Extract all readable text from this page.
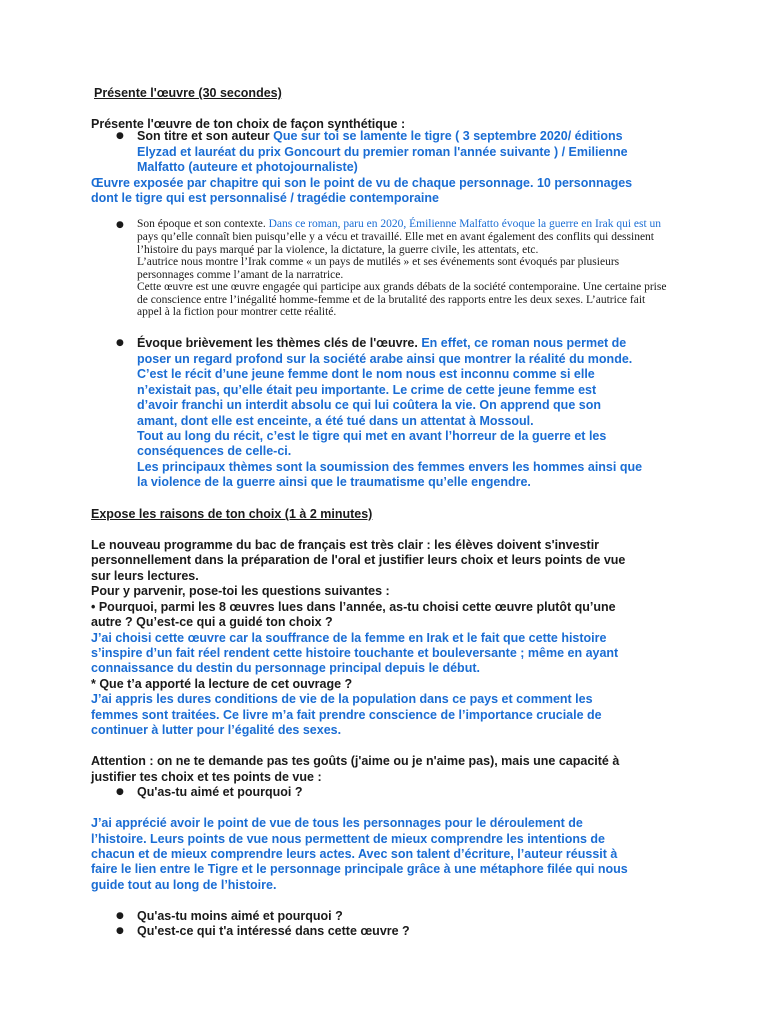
Présente l'œuvre (30 secondes)

Présente l'œuvre de ton choix de façon synthétique :

● Son titre et son auteur Que sur toi se lamente le tigre ( 3 septembre 2020/ éditions

Elyzad et lauréat du prix Goncourt du premier roman l'année suivante ) / Emilienne

Malfatto (auteure et photojournaliste)

Œuvre exposée par chapitre qui son le point de vu de chaque personnage. 10 personnages

dont le tigre qui est personnalisé / tragédie contemporaine

● Son époque et son contexte. Dans ce roman, paru en 2020, Émilienne Malfatto évoque la guerre en Irak qui est un

pays qu’elle connaît bien puisqu’elle y a vécu et travaillé. Elle met en avant également des conflits qui dessinent

l’histoire du pays marqué par la violence, la dictature, la guerre civile, les attentats, etc.

L’autrice nous montre l’Irak comme « un pays de mutilés » et ses événements sont évoqués par plusieurs

personnages comme l’amant de la narratrice.

Cette œuvre est une œuvre engagée qui participe aux grands débats de la société contemporaine. Une certaine prise

de conscience entre l’inégalité homme-femme et de la brutalité des rapports entre les deux sexes. L’autrice fait

appel à la fiction pour montrer cette réalité.

● Évoque brièvement les thèmes clés de l'œuvre. En effet, ce roman nous permet de

poser un regard profond sur la société arabe ainsi que montrer la réalité du monde.

C’est le récit d’une jeune femme dont le nom nous est inconnu comme si elle

n’existait pas, qu’elle était peu importante. Le crime de cette jeune femme est

d’avoir franchi un interdit absolu ce qui lui coûtera la vie. On apprend que son

amant, dont elle est enceinte, a été tué dans un attentat à Mossoul.

Tout au long du récit, c’est le tigre qui met en avant l’horreur de la guerre et les

conséquences de celle-ci.

Les principaux thèmes sont la soumission des femmes envers les hommes ainsi que

la violence de la guerre ainsi que le traumatisme qu’elle engendre.

Expose les raisons de ton choix (1 à 2 minutes)

Le nouveau programme du bac de français est très clair : les élèves doivent s'investir

personnellement dans la préparation de l'oral et justifier leurs choix et leurs points de vue

sur leurs lectures.

Pour y parvenir, pose-toi les questions suivantes :

• Pourquoi, parmi les 8 œuvres lues dans l’année, as-tu choisi cette œuvre plutôt qu’une

autre ? Qu’est-ce qui a guidé ton choix ?

J’ai choisi cette œuvre car la souffrance de la femme en Irak et le fait que cette histoire

s’inspire d’un fait réel rendent cette histoire touchante et bouleversante ; même en ayant

connaissance du destin du personnage principal depuis le début.

* Que t’a apporté la lecture de cet ouvrage ?

J’ai appris les dures conditions de vie de la population dans ce pays et comment les

femmes sont traitées. Ce livre m’a fait prendre conscience de l’importance cruciale de

continuer à lutter pour l’égalité des sexes.

Attention : on ne te demande pas tes goûts (j'aime ou je n'aime pas), mais une capacité à

justifier tes choix et tes points de vue :

● Qu'as-tu aimé et pourquoi ?

J’ai apprécié avoir le point de vue de tous les personnages pour le déroulement de

l’histoire. Leurs points de vue nous permettent de mieux comprendre les intentions de

chacun et de mieux comprendre leurs actes. Avec son talent d’écriture, l’auteur réussit à

faire le lien entre le Tigre et le personnage principale grâce à une métaphore filée qui nous

guide tout au long de l’histoire.

● Qu'as-tu moins aimé et pourquoi ?

● Qu'est-ce qui t'a intéressé dans cette œuvre ?
